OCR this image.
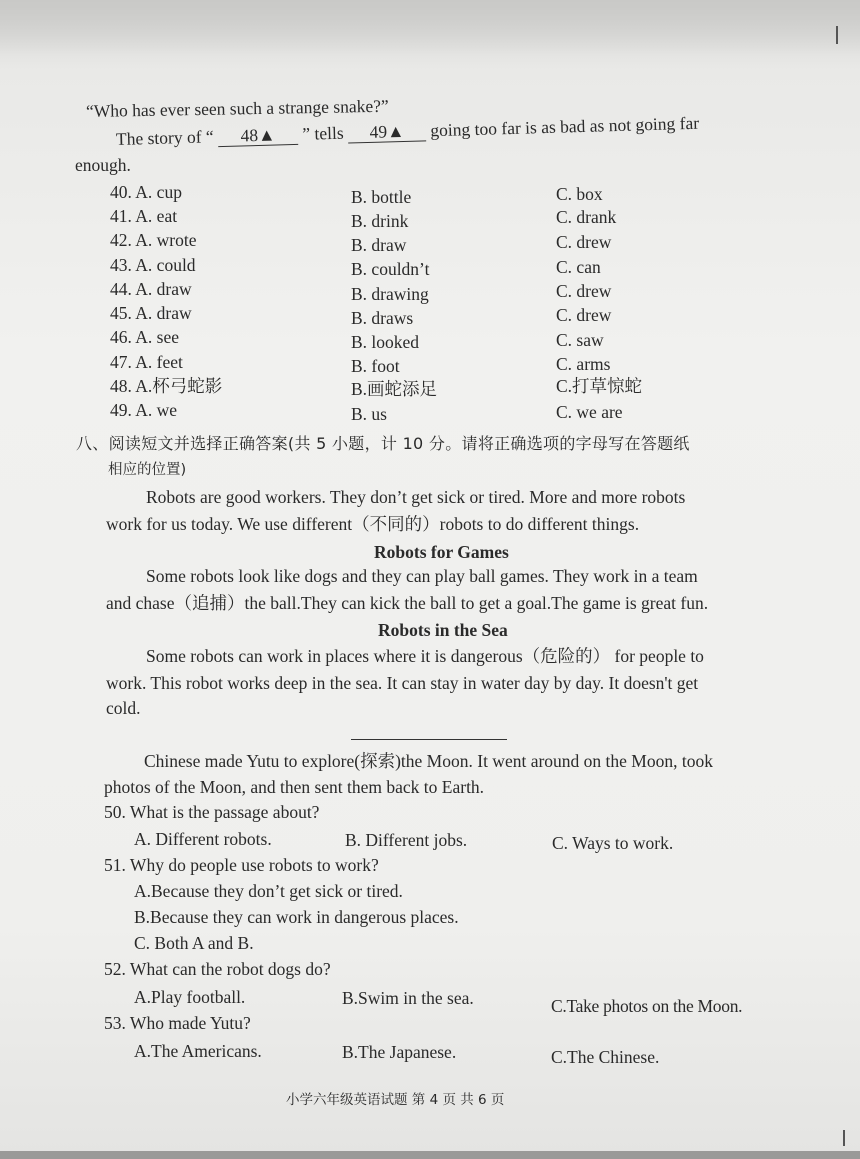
“Who has ever seen such a strange snake?”
The story of “ 48▲ ” tells 49▲ going too far is as bad as not going far
enough.
40. A. cup	B. bottle	C. box
41. A. eat	B. drink	C. drank
42. A. wrote	B. draw	C. drew
43. A. could	B. couldn’t	C. can
44. A. draw	B. drawing	C. drew
45. A. draw	B. draws	C. drew
46. A. see	B. looked	C. saw
47. A. feet	B. foot	C. arms
48. A.杯弓蛇影	B.画蛇添足	C.打草惊蛇
49. A. we	B. us	C. we are
八、阅读短文并选择正确答案(共 5 小题，计 10 分。请将正确选项的字母写在答题纸
相应的位置)
Robots are good workers. They don’t get sick or tired. More and more robots
work for us today. We use different（不同的）robots to do different things.
Robots for Games
Some robots look like dogs and they can play ball games. They work in a team
and chase（追捕）the ball.They can kick the ball to get a goal.The game is great fun.
Robots in the Sea
Some robots can work in places where it is dangerous（危险的） for people to
work. This robot works deep in the sea. It can stay in water day by day. It doesn't get
cold.
Chinese made Yutu to explore(探索)the Moon. It went around on the Moon, took
photos of the Moon, and then sent them back to Earth.
50. What is the passage about?
A. Different robots.	B. Different jobs.	C. Ways to work.
51. Why do people use robots to work?
A.Because they don’t get sick or tired.
B.Because they can work in dangerous places.
C. Both A and B.
52. What can the robot dogs do?
A.Play football.	B.Swim in the sea.	C.Take photos on the Moon.
53. Who made Yutu?
A.The Americans.	B.The Japanese.	C.The Chinese.
小学六年级英语试题 第 4 页 共 6 页
